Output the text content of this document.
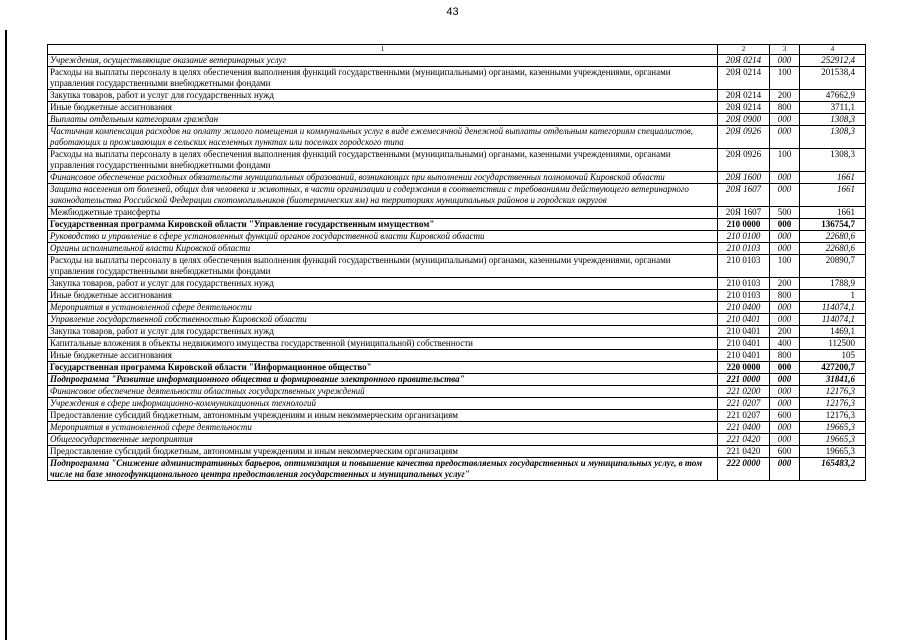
43
1	2	3	4
Учреждения, осуществляющие оказание ветеринарных услуг	20Я 0214	000	252912,4
Расходы на выплаты персоналу в целях обеспечения выполнения функций государственными (муниципальными) органами, казенными учреждениями, органами управления государственными внебюджетными фондами	20Я 0214	100	201538,4
Закупка товаров, работ и услуг для государственных нужд	20Я 0214	200	47662,9
Иные бюджетные ассигнования	20Я 0214	800	3711,1
Выплаты отдельным категориям граждан	20Я 0900	000	1308,3
Частичная компенсация расходов на оплату жилого помещения и коммунальных услуг в виде ежемесячной денежной выплаты отдельным категориям специалистов, работающих и проживающих в сельских населенных пунктах или поселках городского типа	20Я 0926	000	1308,3
Расходы на выплаты персоналу в целях обеспечения выполнения функций государственными (муниципальными) органами, казенными учреждениями, органами управления государственными внебюджетными фондами	20Я 0926	100	1308,3
Финансовое обеспечение расходных обязательств муниципальных образований, возникающих при выполнении государственных полномочий Кировской области	20Я 1600	000	1661
Защита населения от болезней, общих для человека и животных, в части организации и содержания в соответствии с требованиями действующего ветеринарного законодательства Российской Федерации скотомогильников (биотермических ям) на территориях муниципальных районов и городских округов	20Я 1607	000	1661
Межбюджетные трансферты	20Я 1607	500	1661
Государственная программа Кировской области "Управление государственным имуществом"	210 0000	000	136754,7
Руководство и управление в сфере установленных функций органов государственной власти Кировской области	210 0100	000	22680,6
Органы исполнительной власти Кировской области	210 0103	000	22680,6
Расходы на выплаты персоналу в целях обеспечения выполнения функций государственными (муниципальными) органами, казенными учреждениями, органами управления государственными внебюджетными фондами	210 0103	100	20890,7
Закупка товаров, работ и услуг для государственных нужд	210 0103	200	1788,9
Иные бюджетные ассигнования	210 0103	800	1
Мероприятия в установленной сфере деятельности	210 0400	000	114074,1
Управление государственной собственностью Кировской области	210 0401	000	114074,1
Закупка товаров, работ и услуг для государственных нужд	210 0401	200	1469,1
Капитальные вложения в объекты недвижимого имущества государственной (муниципальной) собственности	210 0401	400	112500
Иные бюджетные ассигнования	210 0401	800	105
Государственная программа Кировской области "Информационное общество"	220 0000	000	427200,7
Подпрограмма "Развитие информационного общества и формирование электронного правительства"	221 0000	000	31841,6
Финансовое обеспечение деятельности областных государственных учреждений	221 0200	000	12176,3
Учреждения в сфере информационно-коммуникационных технологий	221 0207	000	12176,3
Предоставление субсидий бюджетным, автономным учреждениям и иным некоммерческим организациям	221 0207	600	12176,3
Мероприятия в установленной сфере деятельности	221 0400	000	19665,3
Общегосударственные мероприятия	221 0420	000	19665,3
Предоставление субсидий бюджетным, автономным учреждениям и иным некоммерческим организациям	221 0420	600	19665,3
Подпрограмма "Снижение административных барьеров, оптимизация и повышение качества предоставляемых государственных и муниципальных услуг, в том числе на базе многофункционального центра предоставления государственных и муниципальных услуг"	222 0000	000	165483,2
